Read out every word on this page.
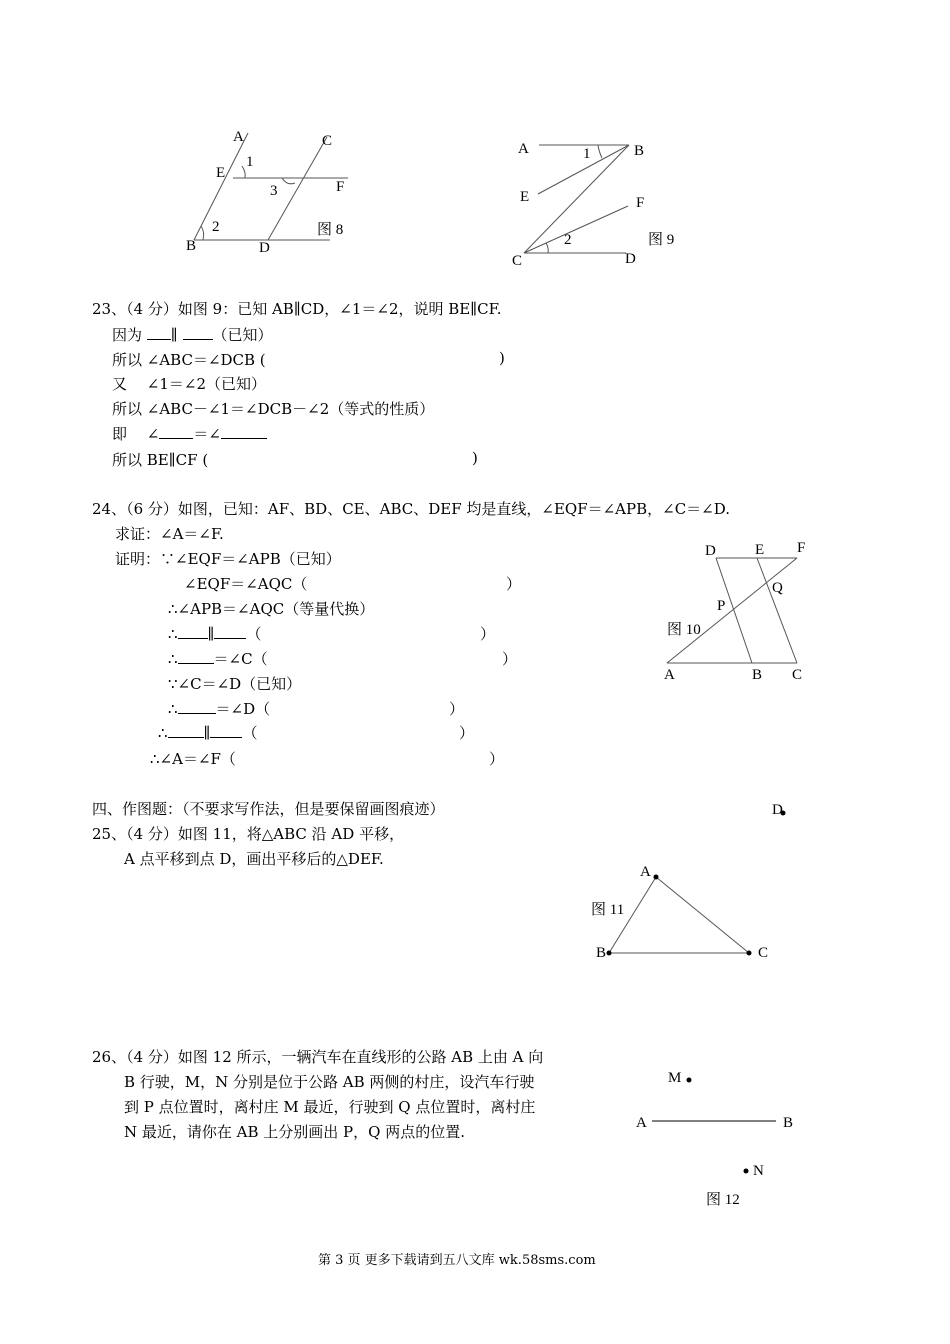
A
1
E
3
C
F
2	图 8
B	D
A	1	B
E	F
图 9
2
C	D
23、（4 分）如图 9：已知 AB∥CD，∠1＝∠2，说明 BE∥CF.
因为 ∥ （已知）
所以 ∠ABC＝∠DCB (	)
又　 ∠1＝∠2（已知）
所以 ∠ABC－∠1＝∠DCB－∠2（等式的性质）
即　 ∠ ＝∠
所以 BE∥CF (	)
24、（6 分）如图，已知：AF、BD、CE、ABC、DEF 均是直线，∠EQF＝∠APB，∠C＝∠D.
求证：∠A＝∠F.
证明：∵∠EQF＝∠APB（已知）
∠EQF＝∠AQC（	）
∴∠APB＝∠AQC（等量代换）
∴ ∥ （	）
∴ ＝∠C（	）
∵∠C＝∠D（已知）
∴	＝∠D（	）
∴ ∥ （	）
∴∠A＝∠F（	）
D	E F
Q
P
图 10
A	B C
四、作图题：（不要求写作法，但是要保留画图痕迹）
25、（4 分）如图 11，将△ABC 沿 AD 平移，
A 点平移到点 D，画出平移后的△DEF.
D
A
图 11
B	C
26、（4 分）如图 12 所示，一辆汽车在直线形的公路 AB 上由 A 向
B 行驶，M，N 分别是位于公路 AB 两侧的村庄，设汽车行驶
到 P 点位置时，离村庄 M 最近，行驶到 Q 点位置时，离村庄
N 最近，请你在 AB 上分别画出 P，Q 两点的位置.
M
A	B
N
图 12
第 3 页 更多下载请到五八文库 wk.58sms.com
